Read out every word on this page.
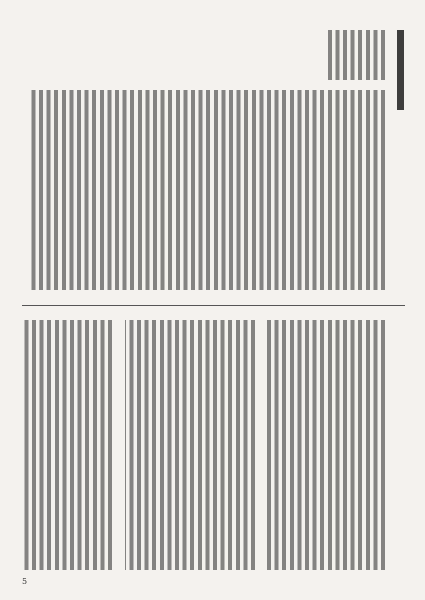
5
